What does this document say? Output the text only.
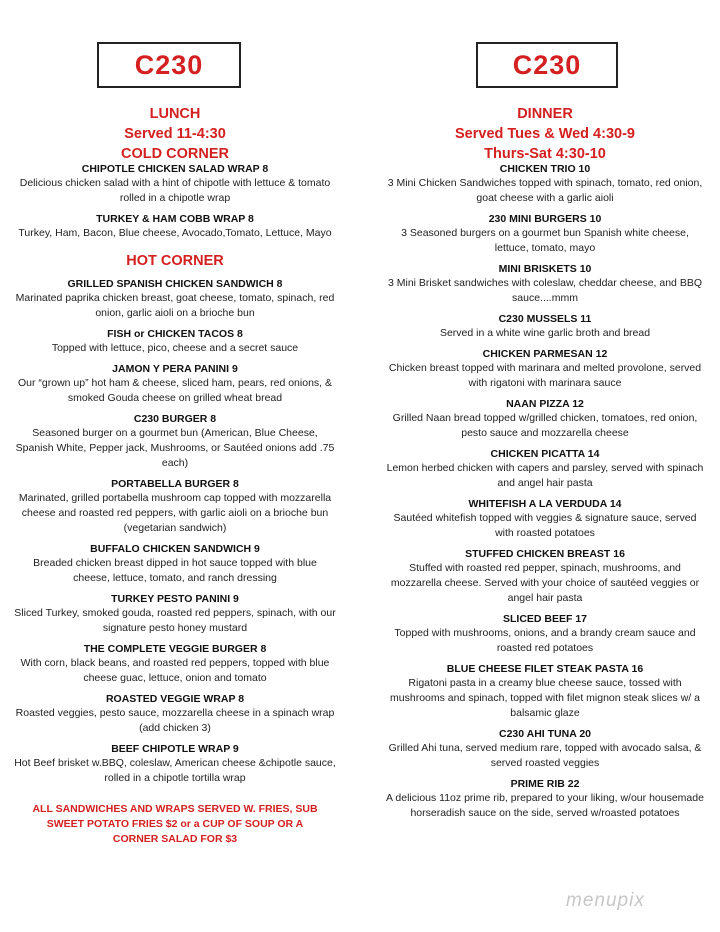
C230
LUNCH
Served 11-4:30
COLD CORNER
CHIPOTLE CHICKEN SALAD WRAP 8
Delicious chicken salad with a hint of chipotle with lettuce & tomato rolled in a chipotle wrap
TURKEY & HAM COBB WRAP 8
Turkey, Ham, Bacon, Blue cheese, Avocado,Tomato, Lettuce, Mayo
HOT CORNER
GRILLED SPANISH CHICKEN SANDWICH 8
Marinated paprika chicken breast, goat cheese, tomato, spinach, red onion, garlic aioli on a brioche bun
FISH or CHICKEN TACOS 8
Topped with lettuce, pico, cheese and a secret sauce
JAMON Y PERA PANINI 9
Our “grown up” hot ham & cheese, sliced ham, pears, red onions, & smoked Gouda cheese on grilled wheat bread
C230 BURGER 8
Seasoned burger on a gourmet bun (American, Blue Cheese, Spanish White, Pepper jack, Mushrooms, or Sautéed onions add .75 each)
PORTABELLA BURGER 8
Marinated, grilled portabella mushroom cap topped with mozzarella cheese and roasted red peppers, with garlic aioli on a brioche bun (vegetarian sandwich)
BUFFALO CHICKEN SANDWICH 9
Breaded chicken breast dipped in hot sauce topped with blue cheese, lettuce, tomato, and ranch dressing
TURKEY PESTO PANINI 9
Sliced Turkey, smoked gouda, roasted red peppers, spinach, with our signature pesto honey mustard
THE COMPLETE VEGGIE BURGER 8
With corn, black beans, and roasted red peppers, topped with blue cheese guac, lettuce, onion and tomato
ROASTED VEGGIE WRAP 8
Roasted veggies, pesto sauce, mozzarella cheese in a spinach wrap (add chicken 3)
BEEF CHIPOTLE WRAP 9
Hot Beef brisket w.BBQ, coleslaw, American cheese &chipotle sauce, rolled in a chipotle tortilla wrap
ALL SANDWICHES AND WRAPS SERVED W. FRIES, SUB SWEET POTATO FRIES $2 or a CUP OF SOUP OR A CORNER SALAD FOR $3
C230
DINNER
Served Tues & Wed 4:30-9
Thurs-Sat 4:30-10
CHICKEN TRIO 10
3 Mini Chicken Sandwiches topped with spinach, tomato, red onion, goat cheese with a garlic aioli
230 MINI BURGERS 10
3 Seasoned burgers on a gourmet bun Spanish white cheese, lettuce, tomato, mayo
MINI BRISKETS 10
3 Mini Brisket sandwiches with coleslaw, cheddar cheese, and BBQ sauce....mmm
C230 MUSSELS 11
Served in a white wine garlic broth and bread
CHICKEN PARMESAN 12
Chicken breast topped with marinara and melted provolone, served with rigatoni with marinara sauce
NAAN PIZZA 12
Grilled Naan bread topped w/grilled chicken, tomatoes, red onion, pesto sauce and mozzarella cheese
CHICKEN PICATTA 14
Lemon herbed chicken with capers and parsley, served with spinach and angel hair pasta
WHITEFISH A LA VERDUDA 14
Sautéed whitefish topped with veggies & signature sauce, served with roasted potatoes
STUFFED CHICKEN BREAST 16
Stuffed with roasted red pepper, spinach, mushrooms, and mozzarella cheese. Served with your choice of sautéed veggies or angel hair pasta
SLICED BEEF 17
Topped with mushrooms, onions, and a brandy cream sauce and roasted red potatoes
BLUE CHEESE FILET STEAK PASTA 16
Rigatoni pasta in a creamy blue cheese sauce, tossed with mushrooms and spinach, topped with filet mignon steak slices w/ a balsamic glaze
C230 AHI TUNA 20
Grilled Ahi tuna, served medium rare, topped with avocado salsa, & served roasted veggies
PRIME RIB 22
A delicious 11oz prime rib, prepared to your liking, w/our housemade horseradish sauce on the side, served w/roasted potatoes
menupix
